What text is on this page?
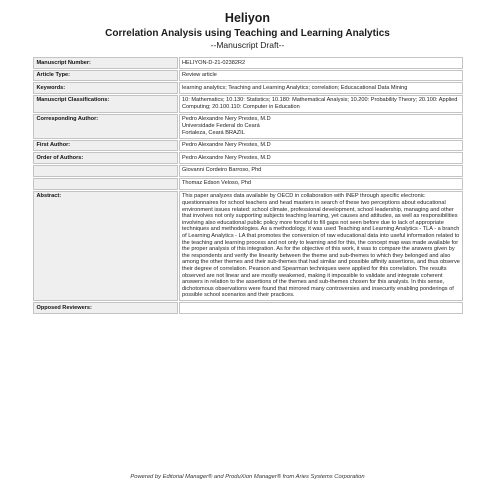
Heliyon
Correlation Analysis using Teaching and Learning Analytics
--Manuscript Draft--
Manuscript Number:	HELIYON-D-21-02382R2
Article Type:	Review article
Keywords:	learning analytics; Teaching and Learning Analytics; correlation; Educacational Data Mining
Manuscript Classifications:	10: Mathematics; 10.130: Statistics; 10.180: Mathematical Analysis; 10.200: Probability Theory; 20.100: Applied Computing; 20.100.110: Computer in Education
Corresponding Author:	Pedro Alexandre Nery Prestes, M.D
Universidade Federal do Ceará
Fortaleza, Ceará BRAZIL

First Author:	Pedro Alexandre Nery Prestes, M.D
Order of Authors:	Pedro Alexandre Nery Prestes, M.D
	Giovanni Cordeiro Barroso, Phd
	Thomaz Edson Veloso, Phd
Abstract:	This paper analyzes data available by OECD in collaboration with INEP through specific electronic questionnaires for school teachers and head masters in search of these two perceptions about educational environment issues related: school climate, professional development, school leadership, managing and other that involves not only supporting subjects teaching learning, yet causes and attitudes, as well as responsibilities involving also educational public policy more forceful to fill gaps not seen before due to lack of appropriate techniques and methodologies. As a methodology, it was used Teaching and Learning Analytics - TLA - a branch of Learning Analytics - LA that promotes the conversion of raw educational data into useful information related to the teaching and learning process and not only to learning and for this, the concept map was made available for the proper analysis of this integration. As for the objective of this work, it was to compare the answers given by the respondents and verify the linearity between the theme and sub-themes to which they belonged and also among the other themes and their sub-themes that had similar and possible affinity assertions, and thus observe their degree of correlation. Pearson and Spearman techniques were applied for this correlation. The results observed are not linear and are mostly weakened, making it impossible to validate and integrate coherent answers in relation to the assertions of the themes and sub-themes chosen for this analysis. In this sense, dichotomous observations were found that mirrored many controversies and insecurity enabling ponderings of possible school scenarios and their practices.
Opposed Reviewers:	
Powered by Editorial Manager® and ProduXion Manager® from Aries Systems Corporation
